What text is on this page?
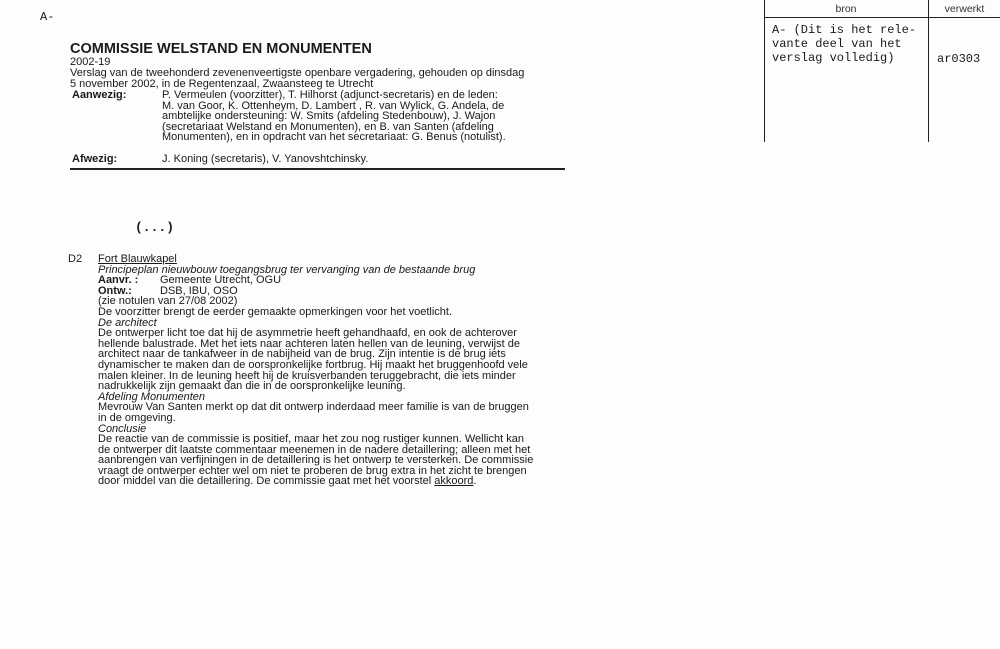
A-
COMMISSIE WELSTAND EN MONUMENTEN
2002-19
Verslag van de tweehonderd zevenenveertigste openbare vergadering, gehouden op dinsdag
5 november 2002, in de Regentenzaal, Zwaansteeg te Utrecht
Aanwezig:	P. Vermeulen (voorzitter), T. Hilhorst (adjunct-secretaris) en de leden:
M. van Goor, K. Ottenheym, D. Lambert , R. van Wylick, G. Andela, de
ambtelijke ondersteuning: W. Smits (afdeling Stedenbouw), J. Wajon
(secretariaat Welstand en Monumenten), en B. van Santen (afdeling
Monumenten), en in opdracht van het secretariaat: G. Benus (notulist).
Afwezig:	J. Koning (secretaris), V. Yanovshtchinsky.
(...)
D2 Fort Blauwkapel
Principeplan nieuwbouw toegangsbrug ter vervanging van de bestaande brug
Aanvr. : Gemeente Utrecht, OGU
Ontw.:	DSB, IBU, OSO
(zie notulen van 27/08 2002)
De voorzitter brengt de eerder gemaakte opmerkingen voor het voetlicht.
De architect
De ontwerper licht toe dat hij de asymmetrie heeft gehandhaafd, en ook de achterover
hellende balustrade. Met het iets naar achteren laten hellen van de leuning, verwijst de
architect naar de tankafweer in de nabijheid van de brug. Zijn intentie is de brug iets
dynamischer te maken dan de oorspronkelijke fortbrug. Hij maakt het bruggenhoofd vele
malen kleiner. In de leuning heeft hij de kruisverbanden teruggebracht, die iets minder
nadrukkelijk zijn gemaakt dan die in de oorspronkelijke leuning.
Afdeling Monumenten
Mevrouw Van Santen merkt op dat dit ontwerp inderdaad meer familie is van de bruggen
in de omgeving.
Conclusie
De reactie van de commissie is positief, maar het zou nog rustiger kunnen. Wellicht kan
de ontwerper dit laatste commentaar meenemen in de nadere detaillering; alleen met het
aanbrengen van verfijningen in de detaillering is het ontwerp te versterken. De commissie
vraagt de ontwerper echter wel om niet te proberen de brug extra in het zicht te brengen
door middel van die detaillering. De commissie gaat met het voorstel akkoord.
bron	verwerkt
A- (Dit is het rele-
vante deel van het
verslag volledig)	ar0303
